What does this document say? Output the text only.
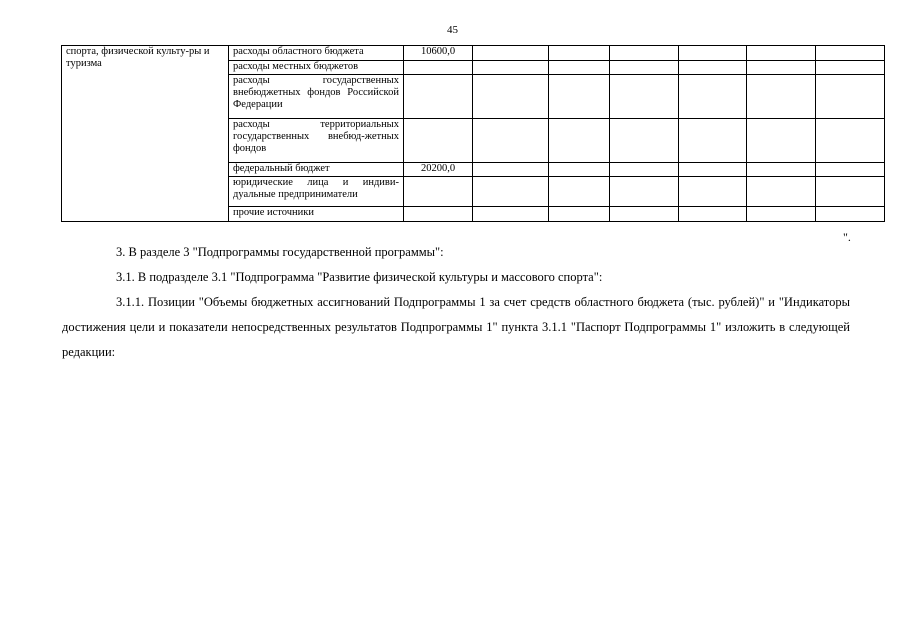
45
спорта, физической культу-ры и туризма	расходы областного бюджета	10600,0						
	расходы местных бюджетов							
	расходы государственных внебюджетных фондов Российской Федерации							
	расходы территориальных государственных внебюд-жетных фондов							
	федеральный бюджет	20200,0						
	юридические лица и индиви-дуальные предприниматели							
	прочие источники							
".

3. В разделе 3 "Подпрограммы государственной программы":

3.1. В подразделе 3.1 "Подпрограмма "Развитие физической культуры и массового спорта":

3.1.1. Позиции "Объемы бюджетных ассигнований Подпрограммы 1 за счет средств областного бюджета (тыс. рублей)" и "Индикаторы достижения цели и показатели непосредственных результатов Подпрограммы 1" пункта 3.1.1 "Паспорт Подпрограммы 1" изложить в следующей редакции:
